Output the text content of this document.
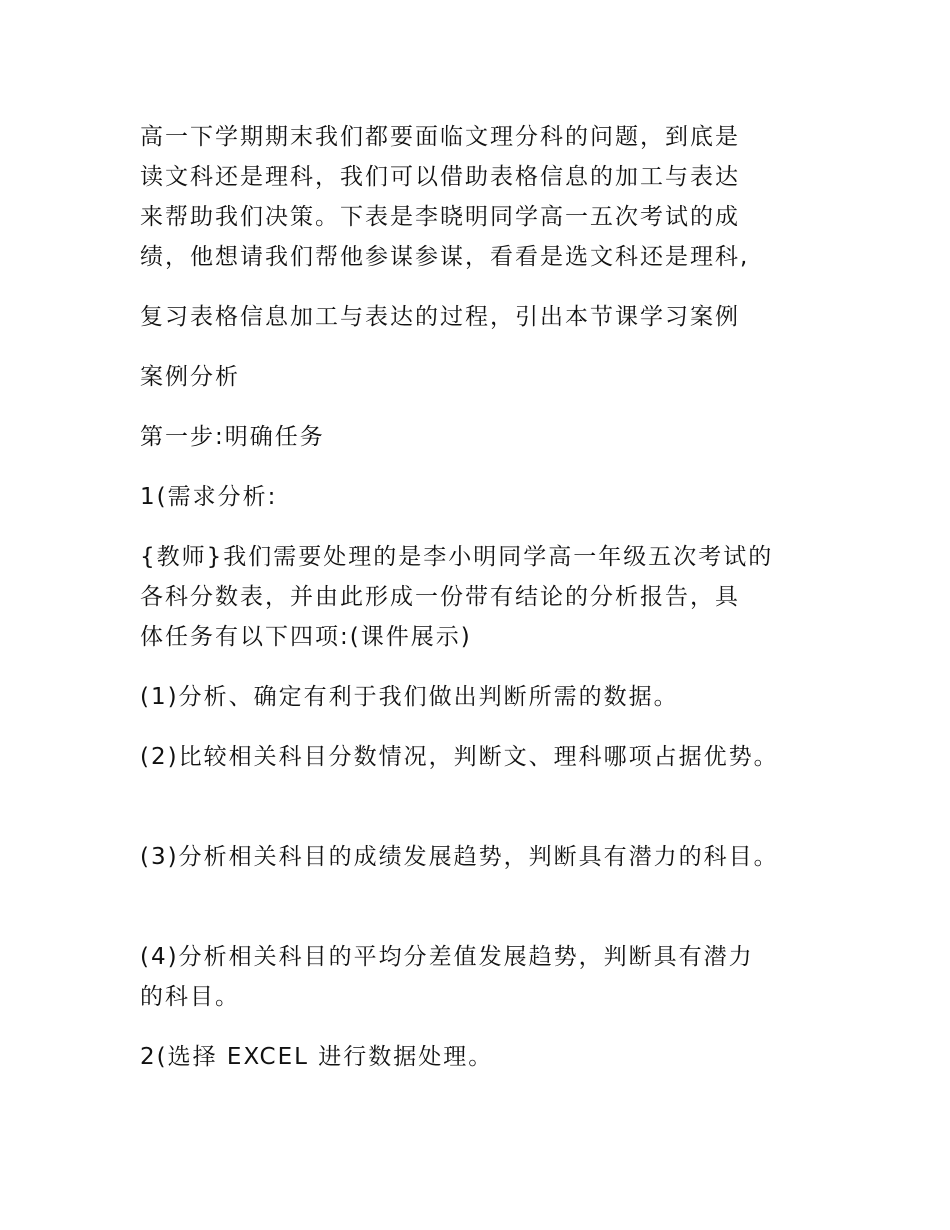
高一下学期期末我们都要面临文理分科的问题，到底是
读文科还是理科，我们可以借助表格信息的加工与表达
来帮助我们决策。下表是李晓明同学高一五次考试的成
绩，他想请我们帮他参谋参谋，看看是选文科还是理科,
复习表格信息加工与表达的过程，引出本节课学习案例
案例分析
第一步:明确任务
1(需求分析:
{教师}我们需要处理的是李小明同学高一年级五次考试的
各科分数表，并由此形成一份带有结论的分析报告，具
体任务有以下四项:(课件展示)
(1)分析、确定有利于我们做出判断所需的数据。
(2)比较相关科目分数情况，判断文、理科哪项占据优势。
(3)分析相关科目的成绩发展趋势，判断具有潜力的科目。
(4)分析相关科目的平均分差值发展趋势，判断具有潜力
的科目。
2(选择 EXCEL 进行数据处理。
